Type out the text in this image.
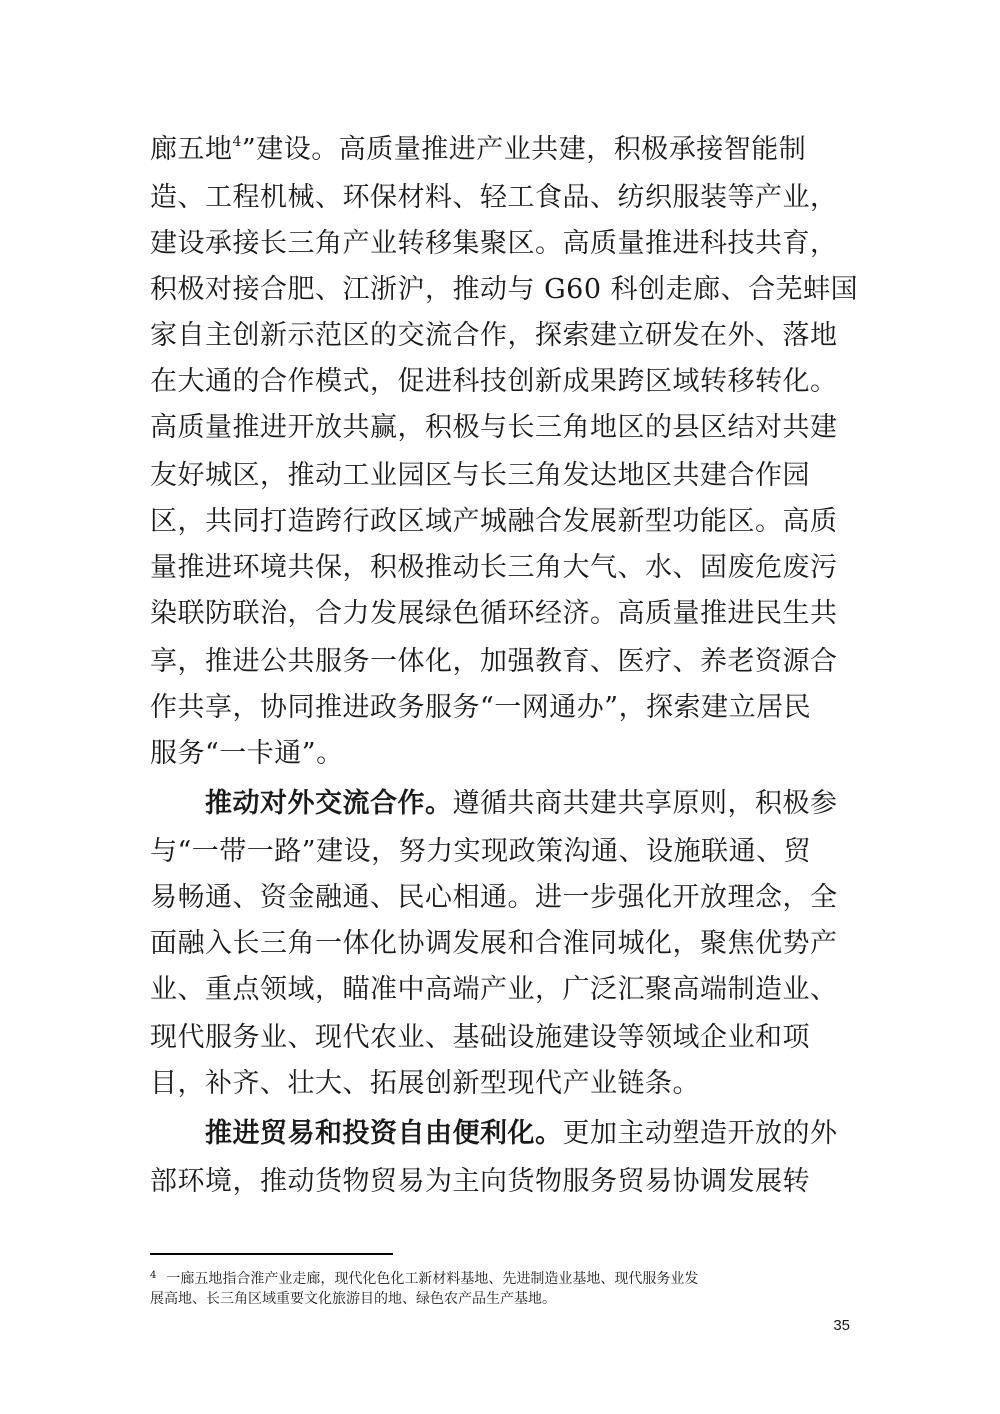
廊五地$^4$”建设。高质量推进产业共建，积极承接智能制
造、工程机械、环保材料、轻工食品、纺织服装等产业，
建设承接长三角产业转移集聚区。高质量推进科技共育，
积极对接合肥、江浙沪，推动与 G60 科创走廊、合芜蚌国
家自主创新示范区的交流合作，探索建立研发在外、落地
在大通的合作模式，促进科技创新成果跨区域转移转化。
高质量推进开放共赢，积极与长三角地区的县区结对共建
友好城区，推动工业园区与长三角发达地区共建合作园
区，共同打造跨行政区域产城融合发展新型功能区。高质
量推进环境共保，积极推动长三角大气、水、固废危废污
染联防联治，合力发展绿色循环经济。高质量推进民生共
享，推进公共服务一体化，加强教育、医疗、养老资源合
作共享，协同推进政务服务“一网通办”，探索建立居民
服务“一卡通”。
推动对外交流合作。遵循共商共建共享原则，积极参
与“一带一路”建设，努力实现政策沟通、设施联通、贸
易畅通、资金融通、民心相通。进一步强化开放理念，全
面融入长三角一体化协调发展和合淮同城化，聚焦优势产
业、重点领域，瞄准中高端产业，广泛汇聚高端制造业、
现代服务业、现代农业、基础设施建设等领域企业和项
目，补齐、壮大、拓展创新型现代产业链条。
推进贸易和投资自由便利化。更加主动塑造开放的外
部环境，推动货物贸易为主向货物服务贸易协调发展转
$^4$ 一廊五地指合淮产业走廊，现代化色化工新材料基地、先进制造业基地、现代服务业发
展高地、长三角区域重要文化旅游目的地、绿色农产品生产基地。
35
